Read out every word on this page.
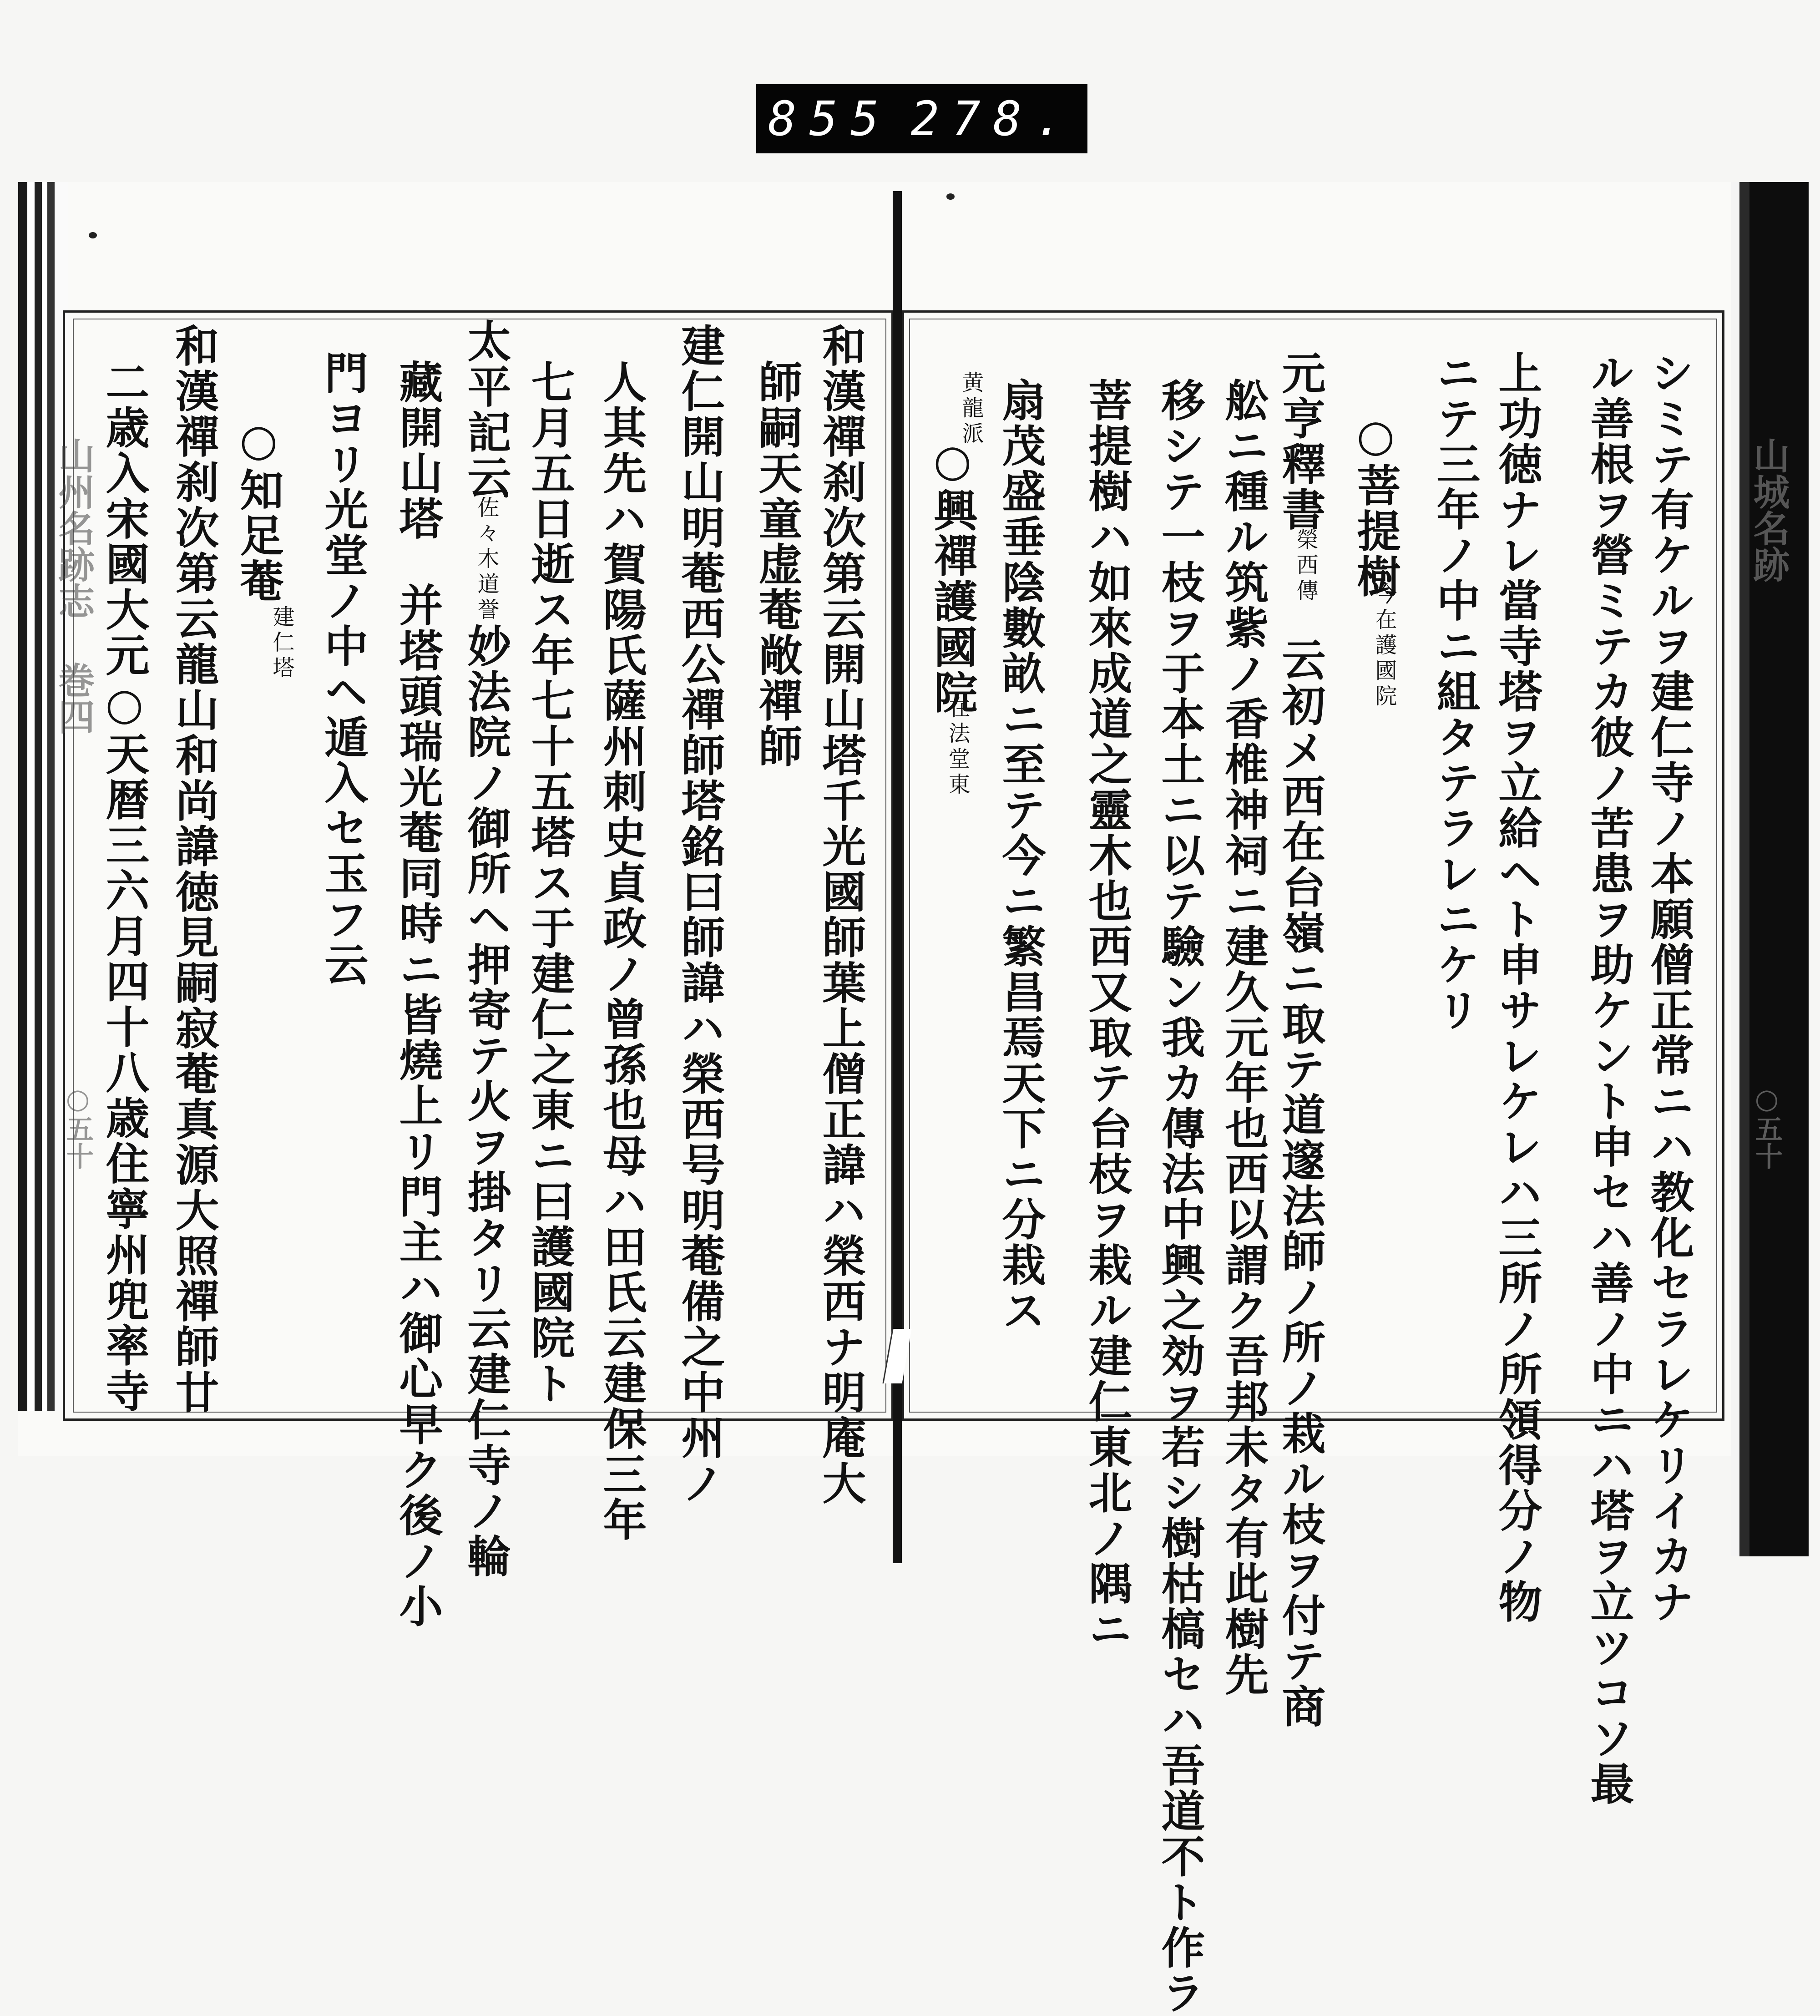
855 278.
山州名跡志 巻四	山城名跡
○五十	○五十
シミテ有ケルヲ建仁寺ノ本願僧正常ニハ教化セラレケリイカナ
ル善根ヲ營ミテカ彼ノ苦患ヲ助ケント申セハ善ノ中ニハ塔ヲ立ツコソ最
上功徳ナレ當寺塔ヲ立給ヘト申サレケレハ三所ノ所領得分ノ物
ニテ三年ノ中ニ組タテラレニケリ
○菩提樹
今在護國院
元亨釋書
榮西傳
云初メ西在台嶺ニ取テ道邃法師ノ所ノ栽ル枝ヲ付テ商
舩ニ種ル筑紫ノ香椎神祠ニ建久元年也西以謂ク吾邦未タ有此樹先
移シテ一枝ヲ于本土ニ以テ驗ン我カ傳法中興之効ヲ若シ樹枯槁セハ吾道不ト作ラ
菩提樹ハ如來成道之靈木也西又取テ台枝ヲ栽ル建仁東北ノ隅ニ
扇茂盛垂陰數畝ニ至テ今ニ繁昌焉天下ニ分栽ス
黄龍派
○興禪護國院
在法堂東
和漢禪刹次第云開山塔千光國師葉上僧正諱ハ榮西ナ明庵大
師嗣天童虚菴敞禪師
建仁開山明菴西公禪師塔銘曰師諱ハ榮西号明菴備之中州ノ
人其先ハ賀陽氏薩州刺史貞政ノ曾孫也母ハ田氏云建保三年
七月五日逝ス年七十五塔ス于建仁之東ニ曰護國院ト
太平記云
佐々木道誉
妙法院ノ御所ヘ押寄テ火ヲ掛タリ云建仁寺ノ輪
藏開山塔
并塔頭瑞光菴同時ニ皆燒上リ門主ハ御心早ク後ノ小
門ヨリ光堂ノ中ヘ遁入セ玉フ云
○知足菴
建仁塔
和漢禪刹次第云龍山和尚諱徳見嗣寂菴真源大照禪師廿
二歳入宋國大元○天暦三六月四十八歳住寧州兜率寺
